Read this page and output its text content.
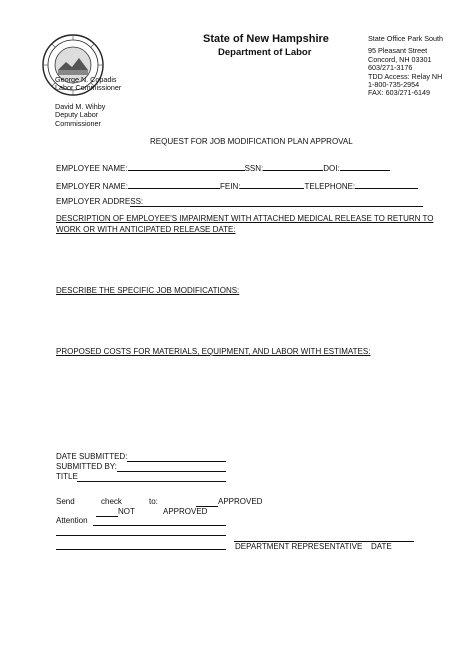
State of New Hampshire
Department of Labor
State Office Park South
95 Pleasant Street
Concord, NH 03301
603/271-3176
TDD Access: Relay NH
1-800-735-2954
FAX: 603/271-6149
George N. Copadis
Labor Commissioner
David M. Wihby
Deputy Labor
Commissioner
REQUEST FOR JOB MODIFICATION PLAN APPROVAL
EMPLOYEE NAME:	SSN:	DOI:
EMPLOYER NAME:	FEIN:	TELEPHONE:
EMPLOYER ADDRESS:
DESCRIPTION OF EMPLOYEE'S IMPAIRMENT WITH ATTACHED MEDICAL RELEASE TO RETURN TO
WORK OR WITH ANTICIPATED RELEASE DATE:
DESCRIBE THE SPECIFIC JOB MODIFICATIONS:
PROPOSED COSTS FOR MATERIALS, EQUIPMENT, AND LABOR WITH ESTIMATES:
DATE SUBMITTED:
SUBMITTED BY:
TITLE
Send	check	to:	APPROVED
NOT	APPROVED
Attention
DEPARTMENT REPRESENTATIVE DATE
